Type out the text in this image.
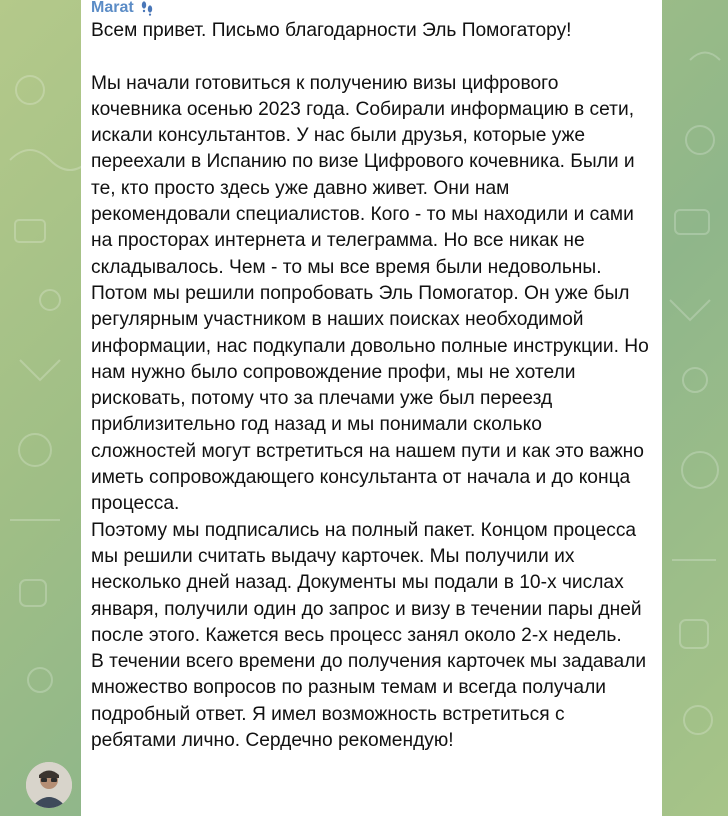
Marat

Всем привет. Письмо благодарности Эль Помогатору!

Мы начали готовиться к получению визы цифрового кочевника осенью 2023 года. Собирали информацию в сети, искали консультантов. У нас были друзья, которые уже переехали в Испанию по визе Цифрового кочевника. Были и те, кто просто здесь уже давно живет. Они нам рекомендовали специалистов. Кого - то мы находили и сами на просторах интернета и телеграмма. Но все никак не складывалось. Чем - то мы все время были недовольны. Потом мы решили попробовать Эль Помогатор. Он уже был регулярным участником в наших поисках необходимой информации, нас подкупали довольно полные инструкции. Но нам нужно было сопровождение профи, мы не хотели рисковать, потому что за плечами уже был переезд приблизительно год назад и мы понимали сколько сложностей могут встретиться на нашем пути и как это важно иметь сопровождающего консультанта от начала и до конца процесса.
Поэтому мы подписались на полный пакет. Концом процесса мы решили считать выдачу карточек. Мы получили их несколько дней назад. Документы мы подали в 10-х числах января, получили один до запрос и визу в течении пары дней после этого. Кажется весь процесс занял около 2-х недель.
В течении всего времени до получения карточек мы задавали множество вопросов по разным темам и всегда получали подробный ответ. Я имел возможность встретиться с ребятами лично. Сердечно рекомендую!
